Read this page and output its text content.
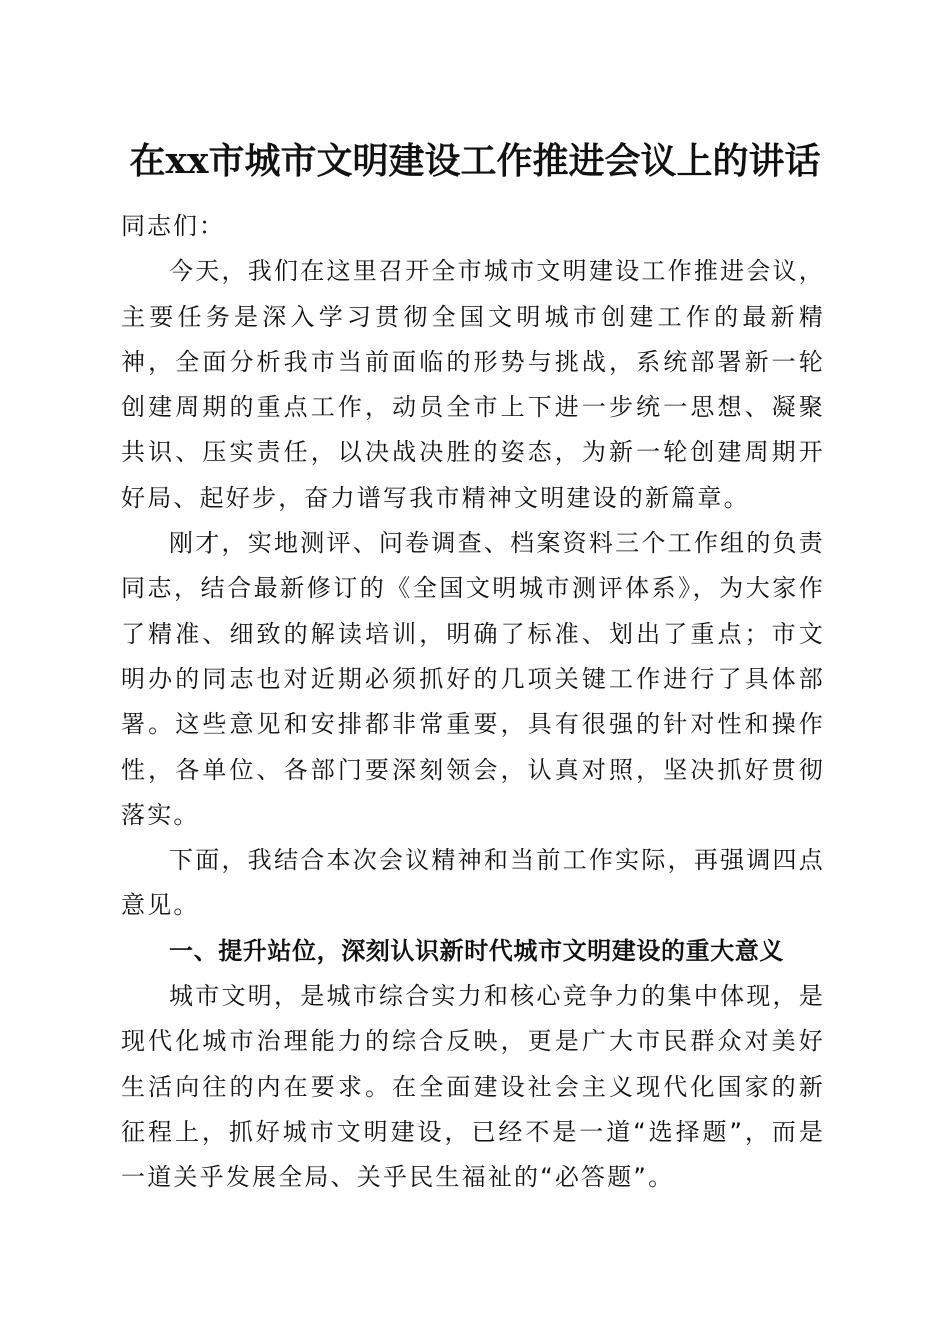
在xx市城市文明建设工作推进会议上的讲话

同志们：

今天，我们在这里召开全市城市文明建设工作推进会议，主要任务是深入学习贯彻全国文明城市创建工作的最新精神，全面分析我市当前面临的形势与挑战，系统部署新一轮创建周期的重点工作，动员全市上下进一步统一思想、凝聚共识、压实责任，以决战决胜的姿态，为新一轮创建周期开好局、起好步，奋力谱写我市精神文明建设的新篇章。

刚才，实地测评、问卷调查、档案资料三个工作组的负责同志，结合最新修订的《全国文明城市测评体系》，为大家作了精准、细致的解读培训，明确了标准、划出了重点；市文明办的同志也对近期必须抓好的几项关键工作进行了具体部署。这些意见和安排都非常重要，具有很强的针对性和操作性，各单位、各部门要深刻领会，认真对照，坚决抓好贯彻落实。

下面，我结合本次会议精神和当前工作实际，再强调四点意见。

一、提升站位，深刻认识新时代城市文明建设的重大意义

城市文明，是城市综合实力和核心竞争力的集中体现，是现代化城市治理能力的综合反映，更是广大市民群众对美好生活向往的内在要求。在全面建设社会主义现代化国家的新征程上，抓好城市文明建设，已经不是一道“选择题”，而是一道关乎发展全局、关乎民生福祉的“必答题”。
